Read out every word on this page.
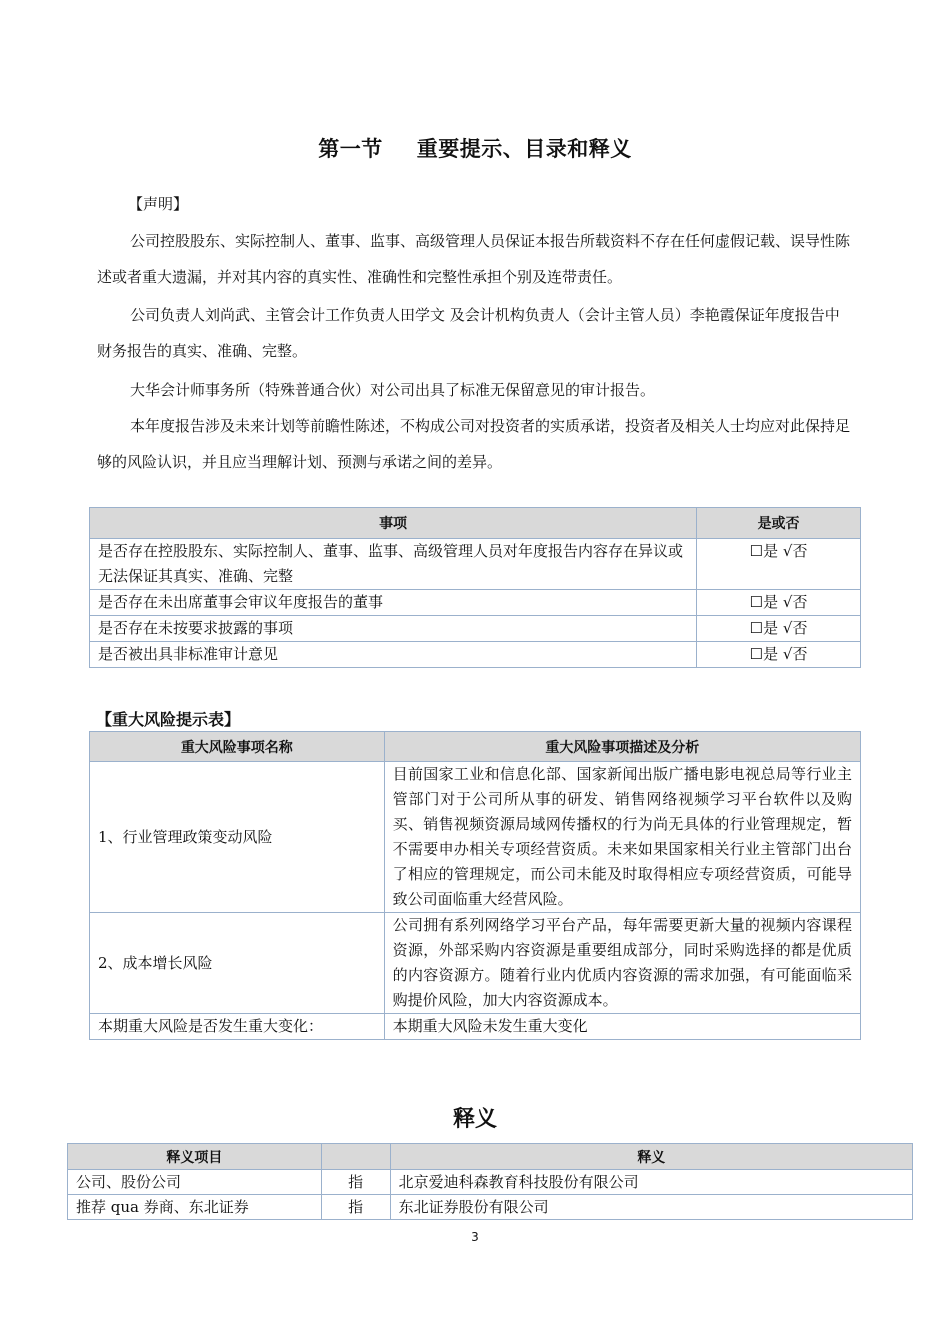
第一节 重要提示、目录和释义
【声明】

公司控股股东、实际控制人、董事、监事、高级管理人员保证本报告所载资料不存在任何虚假记载、误导性陈述或者重大遗漏，并对其内容的真实性、准确性和完整性承担个别及连带责任。

公司负责人刘尚武、主管会计工作负责人田学文 及会计机构负责人（会计主管人员）李艳霞保证年度报告中财务报告的真实、准确、完整。

大华会计师事务所（特殊普通合伙）对公司出具了标准无保留意见的审计报告。

本年度报告涉及未来计划等前瞻性陈述，不构成公司对投资者的实质承诺，投资者及相关人士均应对此保持足够的风险认识，并且应当理解计划、预测与承诺之间的差异。

事项	是或否
是否存在控股股东、实际控制人、董事、监事、高级管理人员对年度报告内容存在异议或无法保证其真实、准确、完整	☐是 √否
是否存在未出席董事会审议年度报告的董事	☐是 √否
是否存在未按要求披露的事项	☐是 √否
是否被出具非标准审计意见	☐是 √否
【重大风险提示表】
重大风险事项名称	重大风险事项描述及分析
1、行业管理政策变动风险	目前国家工业和信息化部、国家新闻出版广播电影电视总局等行业主管部门对于公司所从事的研发、销售网络视频学习平台软件以及购买、销售视频资源局域网传播权的行为尚无具体的行业管理规定，暂不需要申办相关专项经营资质。未来如果国家相关行业主管部门出台了相应的管理规定，而公司未能及时取得相应专项经营资质，可能导致公司面临重大经营风险。
2、成本增长风险	公司拥有系列网络学习平台产品，每年需要更新大量的视频内容课程资源，外部采购内容资源是重要组成部分，同时采购选择的都是优质的内容资源方。随着行业内优质内容资源的需求加强，有可能面临采购提价风险，加大内容资源成本。
本期重大风险是否发生重大变化：	本期重大风险未发生重大变化
释义
释义项目		释义
公司、股份公司	指	北京爱迪科森教育科技股份有限公司
推荐 qua 券商、东北证券	指	东北证券股份有限公司
3
